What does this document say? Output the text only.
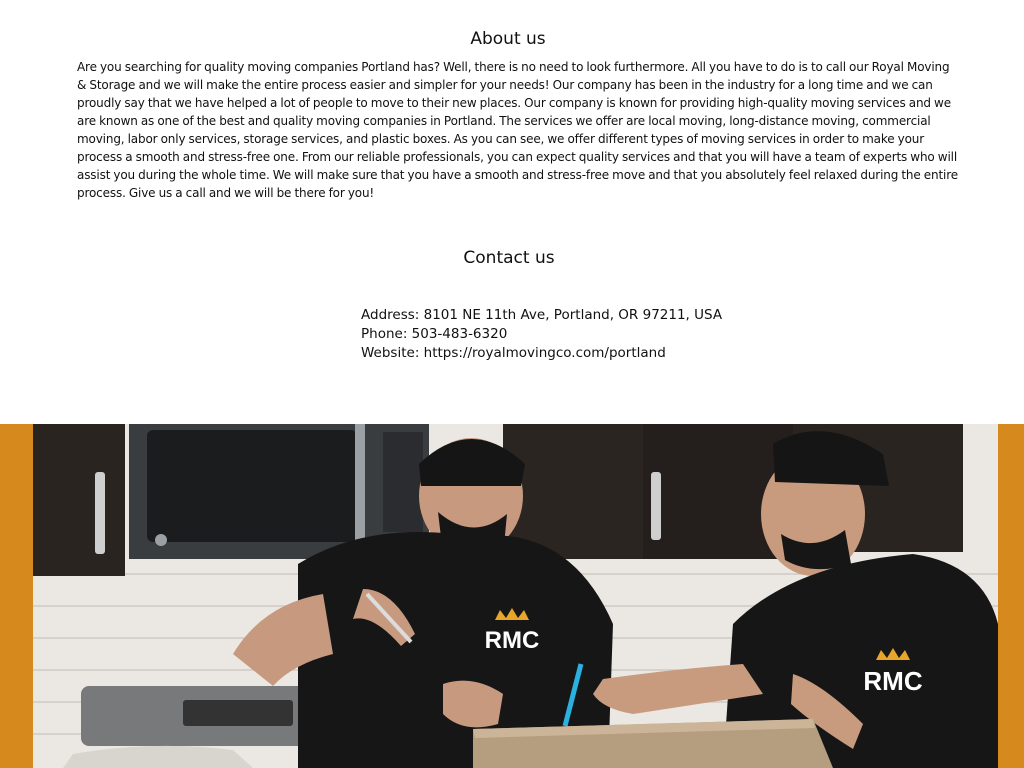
About us

Are you searching for quality moving companies Portland has? Well, there is no need to look furthermore. All you have to do is to call our Royal Moving & Storage and we will make the entire process easier and simpler for your needs! Our company has been in the industry for a long time and we can proudly say that we have helped a lot of people to move to their new places. Our company is known for providing high-quality moving services and we are known as one of the best and quality moving companies in Portland. The services we offer are local moving, long-distance moving, commercial moving, labor only services, storage services, and plastic boxes. As you can see, we offer different types of moving services in order to make your process a smooth and stress-free one. From our reliable professionals, you can expect quality services and that you will have a team of experts who will assist you during the whole time. We will make sure that you have a smooth and stress-free move and that you absolutely feel relaxed during the entire process. Give us a call and we will be there for you!

Contact us
Address: 8101 NE 11th Ave, Portland, OR 97211, USA
Phone: 503-483-6320
Website: https://royalmovingco.com/portland
RMC
RMC
